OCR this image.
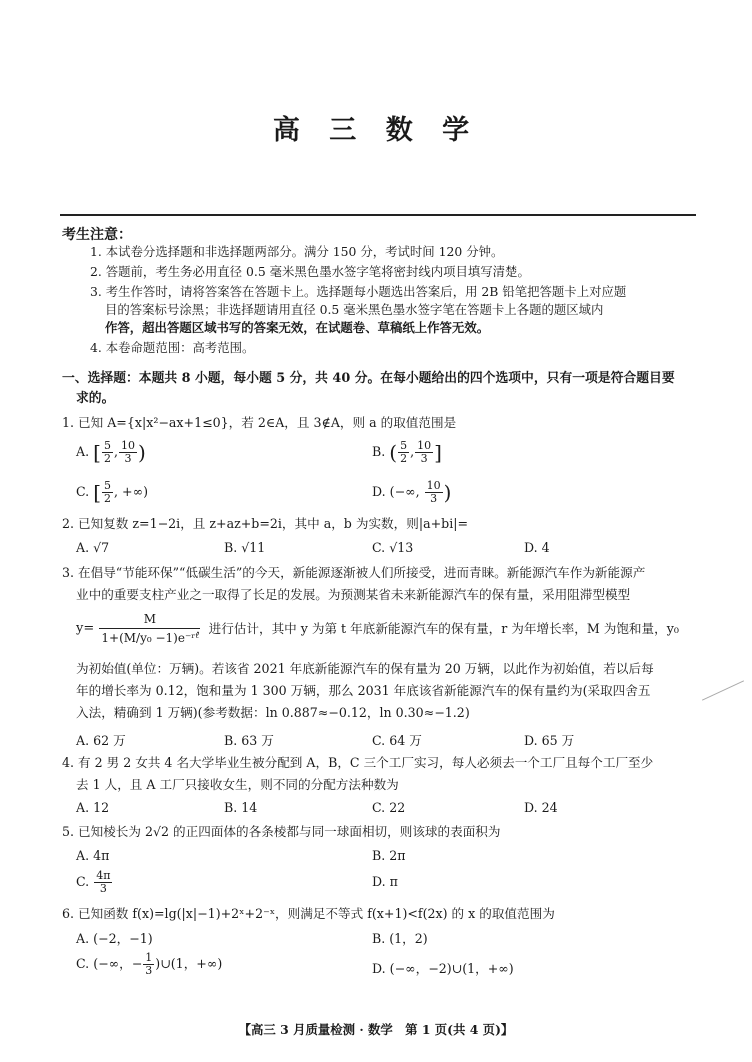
高 三 数 学
考生注意：
1. 本试卷分选择题和非选择题两部分。满分 150 分，考试时间 120 分钟。
2. 答题前，考生务必用直径 0.5 毫米黑色墨水签字笔将密封线内项目填写清楚。
3. 考生作答时，请将答案答在答题卡上。选择题每小题选出答案后，用 2B 铅笔把答题卡上对应题
目的答案标号涂黑；非选择题请用直径 0.5 毫米黑色墨水签字笔在答题卡上各题的题区域内
作答，超出答题区域书写的答案无效，在试题卷、草稿纸上作答无效。
4. 本卷命题范围：高考范围。
一、选择题：本题共 8 小题，每小题 5 分，共 40 分。在每小题给出的四个选项中，只有一项是符合题目要
求的。
1. 已知 A={x|x²−ax+1≤0}，若 2∈A，且 3∉A，则 a 的取值范围是
A. [ $\frac{5}{2}$ , $\frac{10}{3}$ )	B. ( $\frac{5}{2}$ , $\frac{10}{3}$ ]
C. [ $\frac{5}{2}$ , +∞)	D. (−∞, $\frac{10}{3}$ )
2. 已知复数 z=1−2i，且 z+az+b=2i，其中 a，b 为实数，则|a+bi|=
A. √7	B. √11	C. √13	D. 4
3. 在倡导“节能环保”“低碳生活”的今天，新能源逐渐被人们所接受，进而青睐。新能源汽车作为新能源产
业中的重要支柱产业之一取得了长足的发展。为预测某省未来新能源汽车的保有量，采用阻滞型模型
$y= \frac{M}{\text{1+(M/y₀ −1)e⁻ʳᵗ}}$
，进行估计，其中 y 为第 t 年底新能源汽车的保有量，r 为年增长率，M 为饱和量，y₀
为初始值(单位：万辆)。若该省 2021 年底新能源汽车的保有量为 20 万辆，以此作为初始值，若以后每
年的增长率为 0.12，饱和量为 1 300 万辆，那么 2031 年底该省新能源汽车的保有量约为(采取四舍五
入法，精确到 1 万辆)(参考数据：ln 0.887≈−0.12，ln 0.30≈−1.2)
A. 62 万	B. 63 万	C. 64 万	D. 65 万
4. 有 2 男 2 女共 4 名大学毕业生被分配到 A，B，C 三个工厂实习，每人必须去一个工厂且每个工厂至少
去 1 人，且 A 工厂只接收女生，则不同的分配方法种数为
A. 12	B. 14	C. 22	D. 24
5. 已知棱长为 2√2 的正四面体的各条棱都与同一球面相切，则该球的表面积为
A. 4π	B. 2π
C. $\frac{4\pi}{3}$	D. π
6. 已知函数 f(x)=lg(|x|−1)+2ˣ+2⁻ˣ，则满足不等式 f(x+1)<f(2x) 的 x 的取值范围为
A. (−2，−1)	B. (1，2)
C. (−∞，− $\frac{1}{3}$ )∪(1，+∞)	D. (−∞，−2)∪(1，+∞)
【高三 3 月质量检测 · 数学　第 1 页(共 4 页)】
